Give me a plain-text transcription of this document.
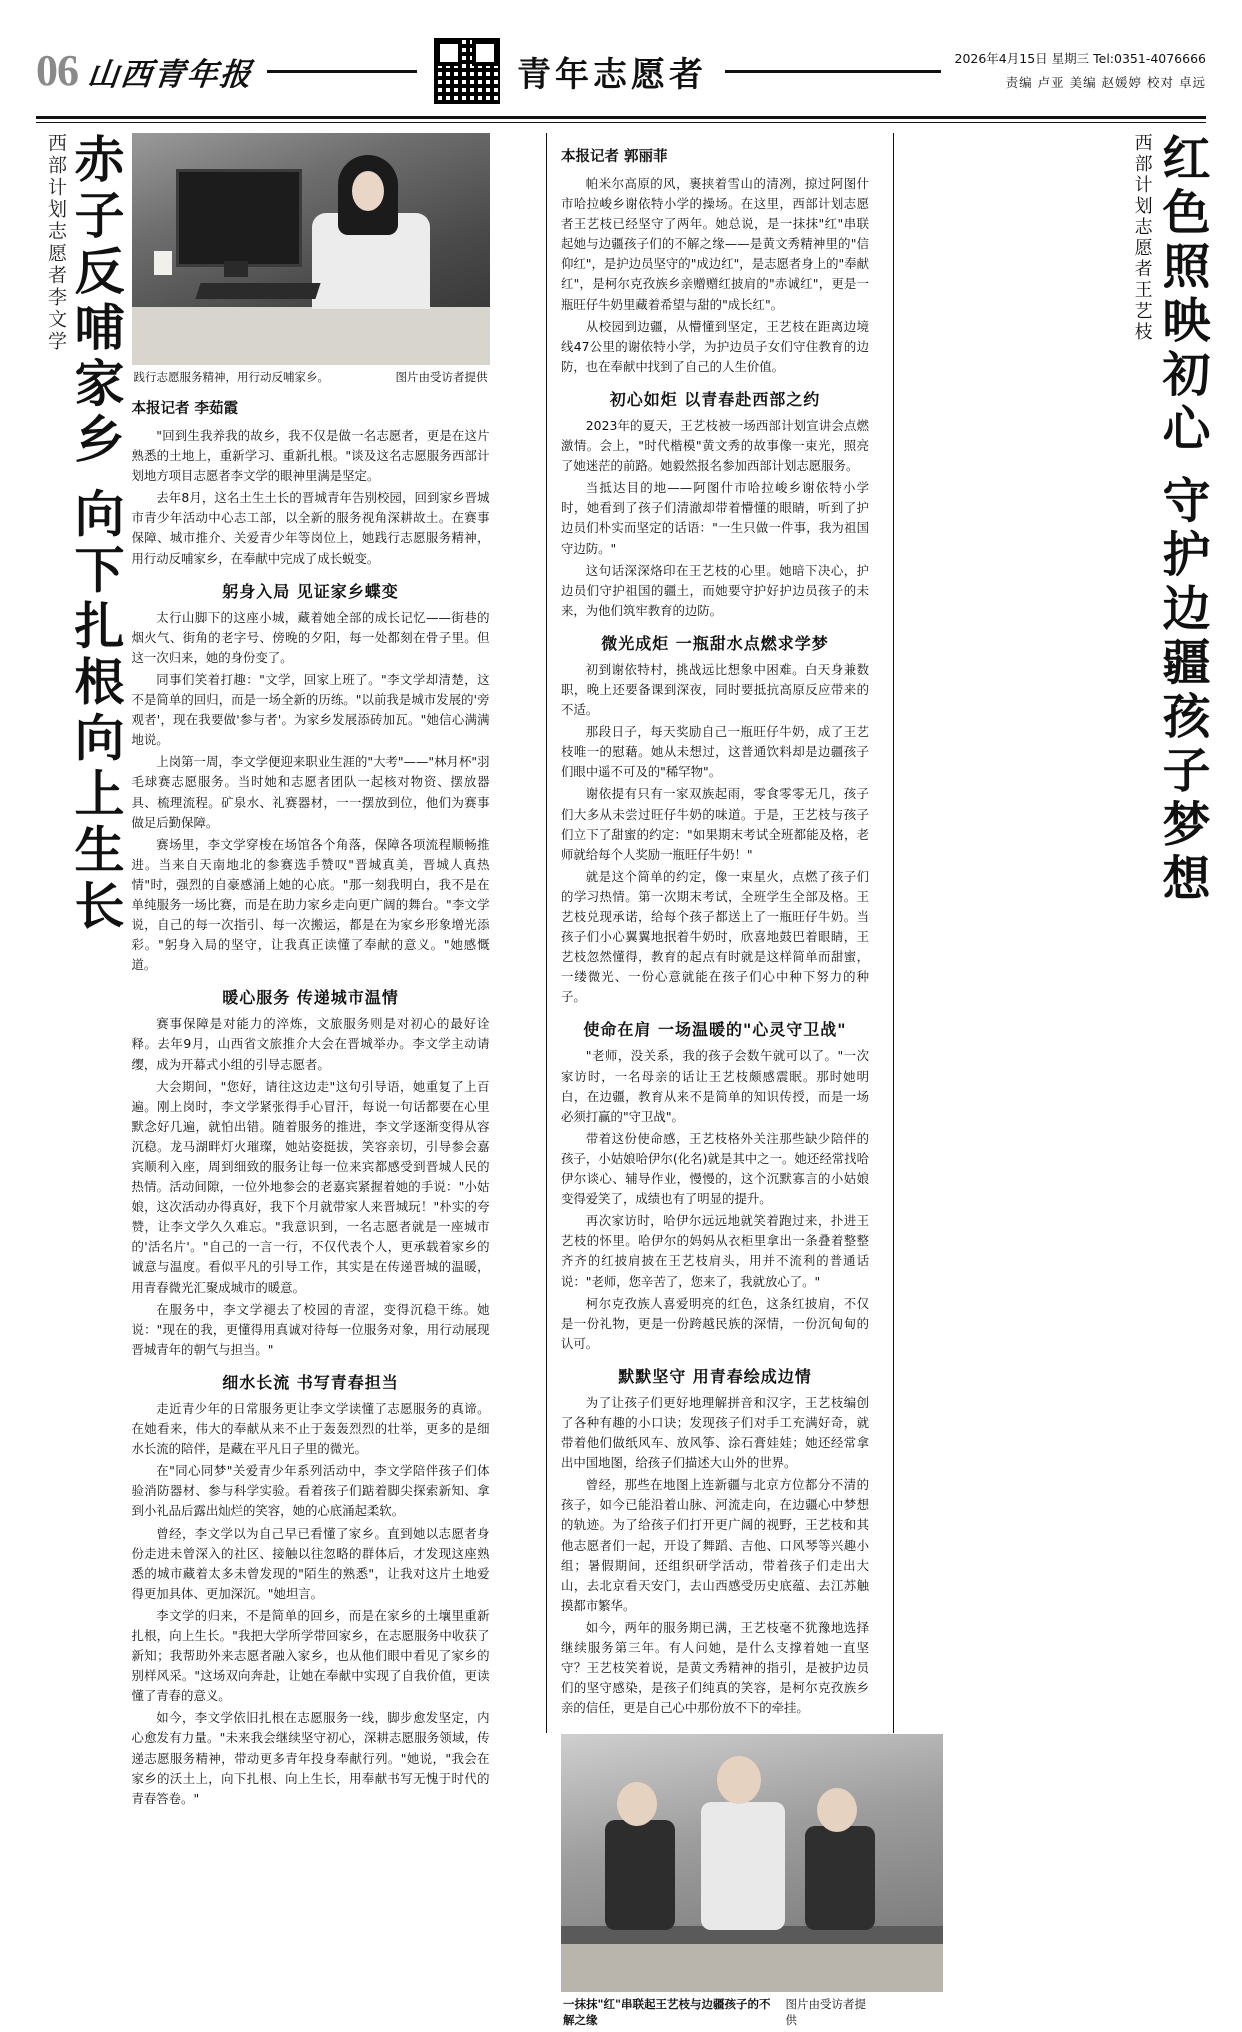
06 山西青年报	青年志愿者	2026年4月15日 星期三 Tel:0351-4076666
责编 卢亚 美编 赵媛婷 校对 卓远
赤子反哺家乡 向下扎根向上生长
西部计划志愿者李文学
践行志愿服务精神，用行动反哺家乡。	图片由受访者提供
本报记者 李茹霞

"回到生我养我的故乡，我不仅是做一名志愿者，更是在这片熟悉的土地上，重新学习、重新扎根。"谈及这名志愿服务西部计划地方项目志愿者李文学的眼神里满是坚定。

去年8月，这名土生土长的晋城青年告别校园，回到家乡晋城市青少年活动中心志工部，以全新的服务视角深耕故土。在赛事保障、城市推介、关爱青少年等岗位上，她践行志愿服务精神，用行动反哺家乡，在奉献中完成了成长蜕变。

躬身入局 见证家乡蝶变

太行山脚下的这座小城，藏着她全部的成长记忆——街巷的烟火气、街角的老字号、傍晚的夕阳，每一处都刻在骨子里。但这一次归来，她的身份变了。

同事们笑着打趣："文学，回家上班了。"李文学却清楚，这不是简单的回归，而是一场全新的历练。"以前我是城市发展的'旁观者'，现在我要做'参与者'。为家乡发展添砖加瓦。"她信心满满地说。

上岗第一周，李文学便迎来职业生涯的"大考"——"林月杯"羽毛球赛志愿服务。当时她和志愿者团队一起核对物资、摆放器具、梳理流程。矿泉水、礼赛器材，一一摆放到位，他们为赛事做足后勤保障。

赛场里，李文学穿梭在场馆各个角落，保障各项流程顺畅推进。当来自天南地北的参赛选手赞叹"晋城真美，晋城人真热情"时，强烈的自豪感涌上她的心底。"那一刻我明白，我不是在单纯服务一场比赛，而是在助力家乡走向更广阔的舞台。"李文学说，自己的每一次指引、每一次搬运，都是在为家乡形象增光添彩。"躬身入局的坚守，让我真正读懂了奉献的意义。"她感慨道。

暖心服务 传递城市温情

赛事保障是对能力的淬炼，文旅服务则是对初心的最好诠释。去年9月，山西省文旅推介大会在晋城举办。李文学主动请缨，成为开幕式小组的引导志愿者。

大会期间，"您好，请往这边走"这句引导语，她重复了上百遍。刚上岗时，李文学紧张得手心冒汗，每说一句话都要在心里默念好几遍，就怕出错。随着服务的推进，李文学逐渐变得从容沉稳。龙马湖畔灯火璀璨，她站姿挺拔，笑容亲切，引导参会嘉宾顺利入座，周到细致的服务让每一位来宾都感受到晋城人民的热情。活动间隙，一位外地参会的老嘉宾紧握着她的手说："小姑娘，这次活动办得真好，我下个月就带家人来晋城玩！"朴实的夸赞，让李文学久久难忘。"我意识到，一名志愿者就是一座城市的'活名片'。"自己的一言一行，不仅代表个人，更承载着家乡的诚意与温度。看似平凡的引导工作，其实是在传递晋城的温暖，用青春微光汇聚成城市的暖意。

在服务中，李文学褪去了校园的青涩，变得沉稳干练。她说："现在的我，更懂得用真诚对待每一位服务对象，用行动展现晋城青年的朝气与担当。"

细水长流 书写青春担当

走近青少年的日常服务更让李文学读懂了志愿服务的真谛。在她看来，伟大的奉献从来不止于轰轰烈烈的壮举，更多的是细水长流的陪伴，是藏在平凡日子里的微光。

在"同心同梦"关爱青少年系列活动中，李文学陪伴孩子们体验消防器材、参与科学实验。看着孩子们踮着脚尖探索新知、拿到小礼品后露出灿烂的笑容，她的心底涌起柔软。

曾经，李文学以为自己早已看懂了家乡。直到她以志愿者身份走进未曾深入的社区、接触以往忽略的群体后，才发现这座熟悉的城市藏着太多未曾发现的"陌生的熟悉"，让我对这片土地爱得更加具体、更加深沉。"她坦言。

李文学的归来，不是简单的回乡，而是在家乡的土壤里重新扎根，向上生长。"我把大学所学带回家乡，在志愿服务中收获了新知；我帮助外来志愿者融入家乡，也从他们眼中看见了家乡的别样风采。"这场双向奔赴，让她在奉献中实现了自我价值，更读懂了青春的意义。

如今，李文学依旧扎根在志愿服务一线，脚步愈发坚定，内心愈发有力量。"未来我会继续坚守初心，深耕志愿服务领域，传递志愿服务精神，带动更多青年投身奉献行列。"她说，"我会在家乡的沃土上，向下扎根、向上生长，用奉献书写无愧于时代的青春答卷。"

本报记者 郭丽菲

帕米尔高原的风，裹挟着雪山的清冽，掠过阿图什市哈拉峻乡谢依特小学的操场。在这里，西部计划志愿者王艺枝已经坚守了两年。她总说，是一抹抹"红"串联起她与边疆孩子们的不解之缘——是黄文秀精神里的"信仰红"，是护边员坚守的"成边红"，是志愿者身上的"奉献红"，是柯尔克孜族乡亲赠赠红披肩的"赤诚红"，更是一瓶旺仔牛奶里藏着希望与甜的"成长红"。

从校园到边疆，从懵懂到坚定，王艺枝在距离边境线47公里的谢依特小学，为护边员子女们守住教育的边防，也在奉献中找到了自己的人生价值。

初心如炬 以青春赴西部之约

2023年的夏天，王艺枝被一场西部计划宣讲会点燃激情。会上，"时代楷模"黄文秀的故事像一束光，照亮了她迷茫的前路。她毅然报名参加西部计划志愿服务。

当抵达目的地——阿图什市哈拉峻乡谢依特小学时，她看到了孩子们清澈却带着懵懂的眼睛，听到了护边员们朴实而坚定的话语："一生只做一件事，我为祖国守边防。"

这句话深深烙印在王艺枝的心里。她暗下决心，护边员们守护祖国的疆土，而她要守护好护边员孩子的未来，为他们筑牢教育的边防。

微光成炬 一瓶甜水点燃求学梦

初到谢依特村，挑战远比想象中困难。白天身兼数职，晚上还要备课到深夜，同时要抵抗高原反应带来的不适。

那段日子，每天奖励自己一瓶旺仔牛奶，成了王艺枝唯一的慰藉。她从未想过，这普通饮料却是边疆孩子们眼中遥不可及的"稀罕物"。

谢依提有只有一家双族起雨，零食零零无几，孩子们大多从未尝过旺仔牛奶的味道。于是，王艺枝与孩子们立下了甜蜜的约定："如果期末考试全班都能及格，老师就给每个人奖励一瓶旺仔牛奶！"

就是这个简单的约定，像一束星火，点燃了孩子们的学习热情。第一次期末考试，全班学生全部及格。王艺枝兑现承诺，给每个孩子都送上了一瓶旺仔牛奶。当孩子们小心翼翼地抿着牛奶时，欣喜地鼓巴着眼睛，王艺枝忽然懂得，教育的起点有时就是这样简单而甜蜜，一缕微光、一份心意就能在孩子们心中种下努力的种子。

使命在肩 一场温暖的"心灵守卫战"

"老师，没关系，我的孩子会数午就可以了。"一次家访时，一名母亲的话让王艺枝颇感震眠。那时她明白，在边疆，教育从来不是简单的知识传授，而是一场必须打赢的"守卫战"。

带着这份使命感，王艺枝格外关注那些缺少陪伴的孩子，小姑娘哈伊尔(化名)就是其中之一。她还经常找哈伊尔谈心、辅导作业，慢慢的，这个沉默寡言的小姑娘变得爱笑了，成绩也有了明显的提升。

再次家访时，哈伊尔远远地就笑着跑过来，扑进王艺枝的怀里。哈伊尔的妈妈从衣柜里拿出一条叠着整整齐齐的红披肩披在王艺枝肩头，用并不流利的普通话说："老师，您辛苦了，您来了，我就放心了。"

柯尔克孜族人喜爱明亮的红色，这条红披肩，不仅是一份礼物，更是一份跨越民族的深情，一份沉甸甸的认可。

默默坚守 用青春绘成边情

为了让孩子们更好地理解拼音和汉字，王艺枝编创了各种有趣的小口诀；发现孩子们对手工充满好奇，就带着他们做纸风车、放风筝、涂石膏娃娃；她还经常拿出中国地图，给孩子们描述大山外的世界。

曾经，那些在地图上连新疆与北京方位都分不清的孩子，如今已能沿着山脉、河流走向，在边疆心中梦想的轨迹。为了给孩子们打开更广阔的视野，王艺枝和其他志愿者们一起，开设了舞蹈、吉他、口风琴等兴趣小组；暑假期间，还组织研学活动，带着孩子们走出大山，去北京看天安门，去山西感受历史底蕴、去江苏触摸都市繁华。

如今，两年的服务期已满，王艺枝毫不犹豫地选择继续服务第三年。有人问她，是什么支撑着她一直坚守？王艺枝笑着说，是黄文秀精神的指引，是被护边员们的坚守感染，是孩子们纯真的笑容，是柯尔克孜族乡亲的信任，更是自己心中那份放不下的牵挂。

一抹抹"红"串联起王艺枝与边疆孩子的不解之缘
图片由受访者提供
红色照映初心 守护边疆孩子梦想
西部计划志愿者王艺枝
